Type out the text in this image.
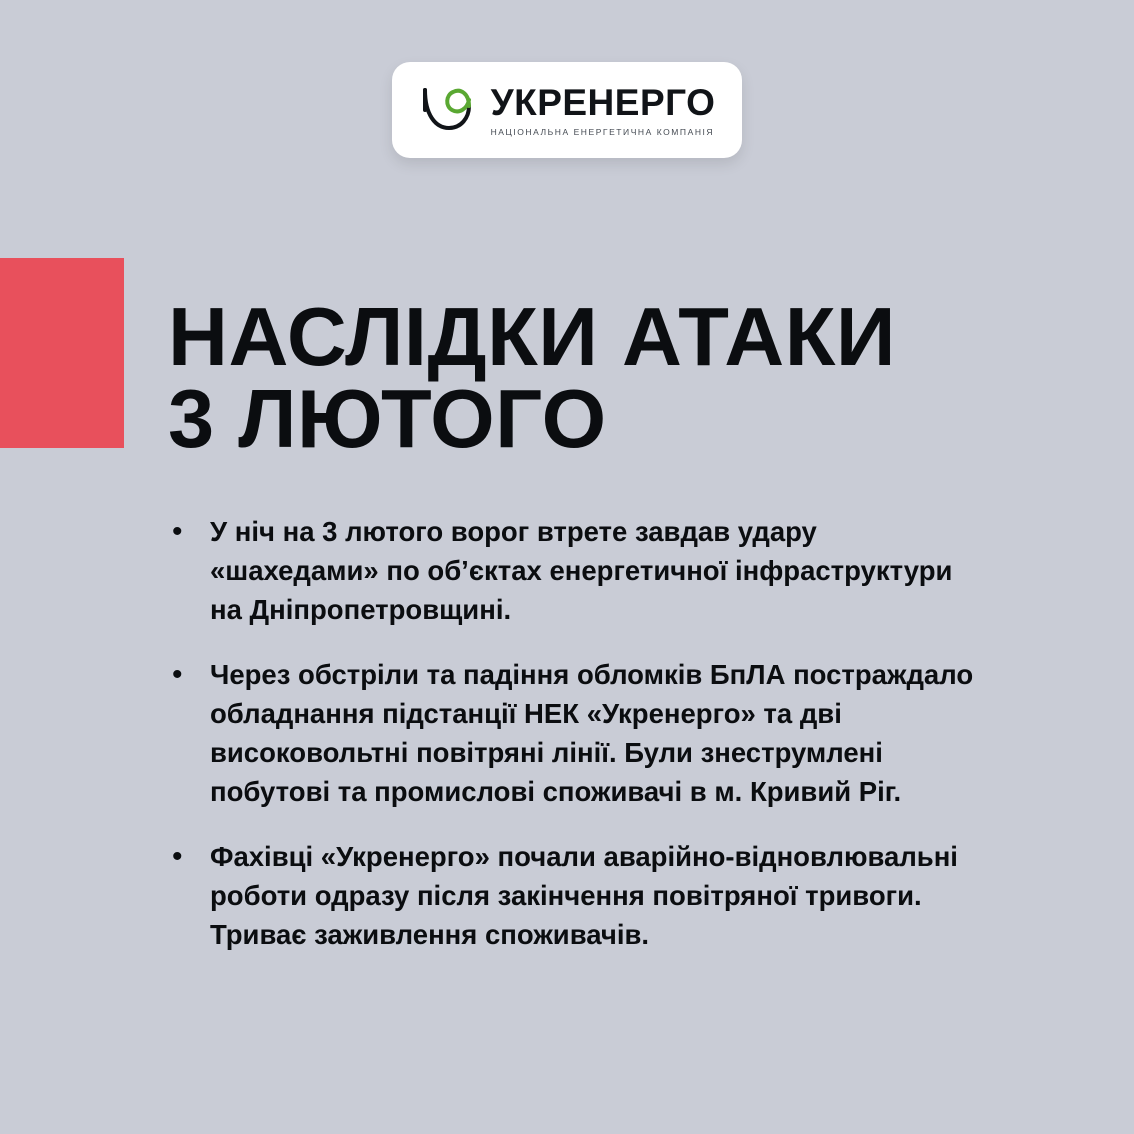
УКРЕНЕРГО
НАЦІОНАЛЬНА ЕНЕРГЕТИЧНА КОМПАНІЯ
НАСЛІДКИ АТАКИ
3 ЛЮТОГО
• У ніч на 3 лютого ворог втрете завдав удару «шахедами» по об’єктах енергетичної інфраструктури на Дніпропетровщині.
• Через обстріли та падіння обломків БпЛА постраждало обладнання підстанції НЕК «Укренерго» та дві високовольтні повітряні лінії. Були знеструмлені побутові та промислові споживачі в м. Кривий Ріг.
• Фахівці «Укренерго» почали аварійно-відновлювальні роботи одразу після закінчення повітряної тривоги. Триває заживлення споживачів.
